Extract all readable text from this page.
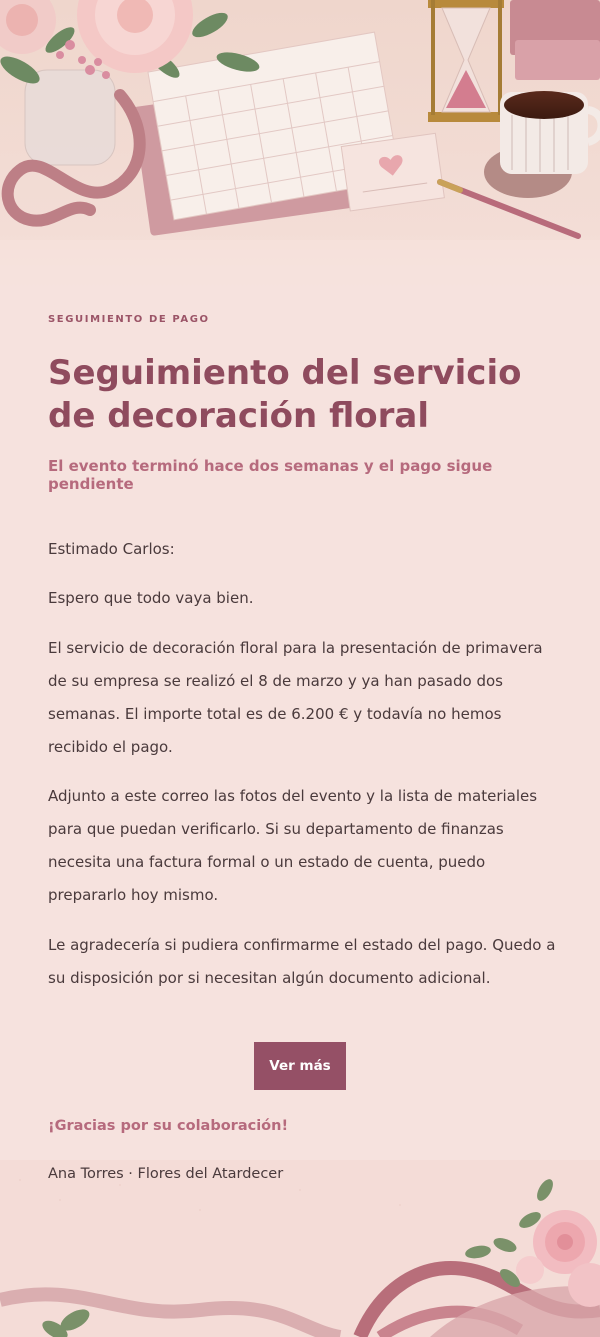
SEGUIMIENTO DE PAGO
Seguimiento del servicio de decoración floral
El evento terminó hace dos semanas y el pago sigue pendiente

Estimado Carlos:

Espero que todo vaya bien.

El servicio de decoración floral para la presentación de primavera de su empresa se realizó el 8 de marzo y ya han pasado dos semanas. El importe total es de 6.200 € y todavía no hemos recibido el pago.

Adjunto a este correo las fotos del evento y la lista de materiales para que puedan verificarlo. Si su departamento de finanzas necesita una factura formal o un estado de cuenta, puedo prepararlo hoy mismo.

Le agradecería si pudiera confirmarme el estado del pago. Quedo a su disposición por si necesitan algún documento adicional.

Ver más
¡Gracias por su colaboración!
Ana Torres · Flores del Atardecer
